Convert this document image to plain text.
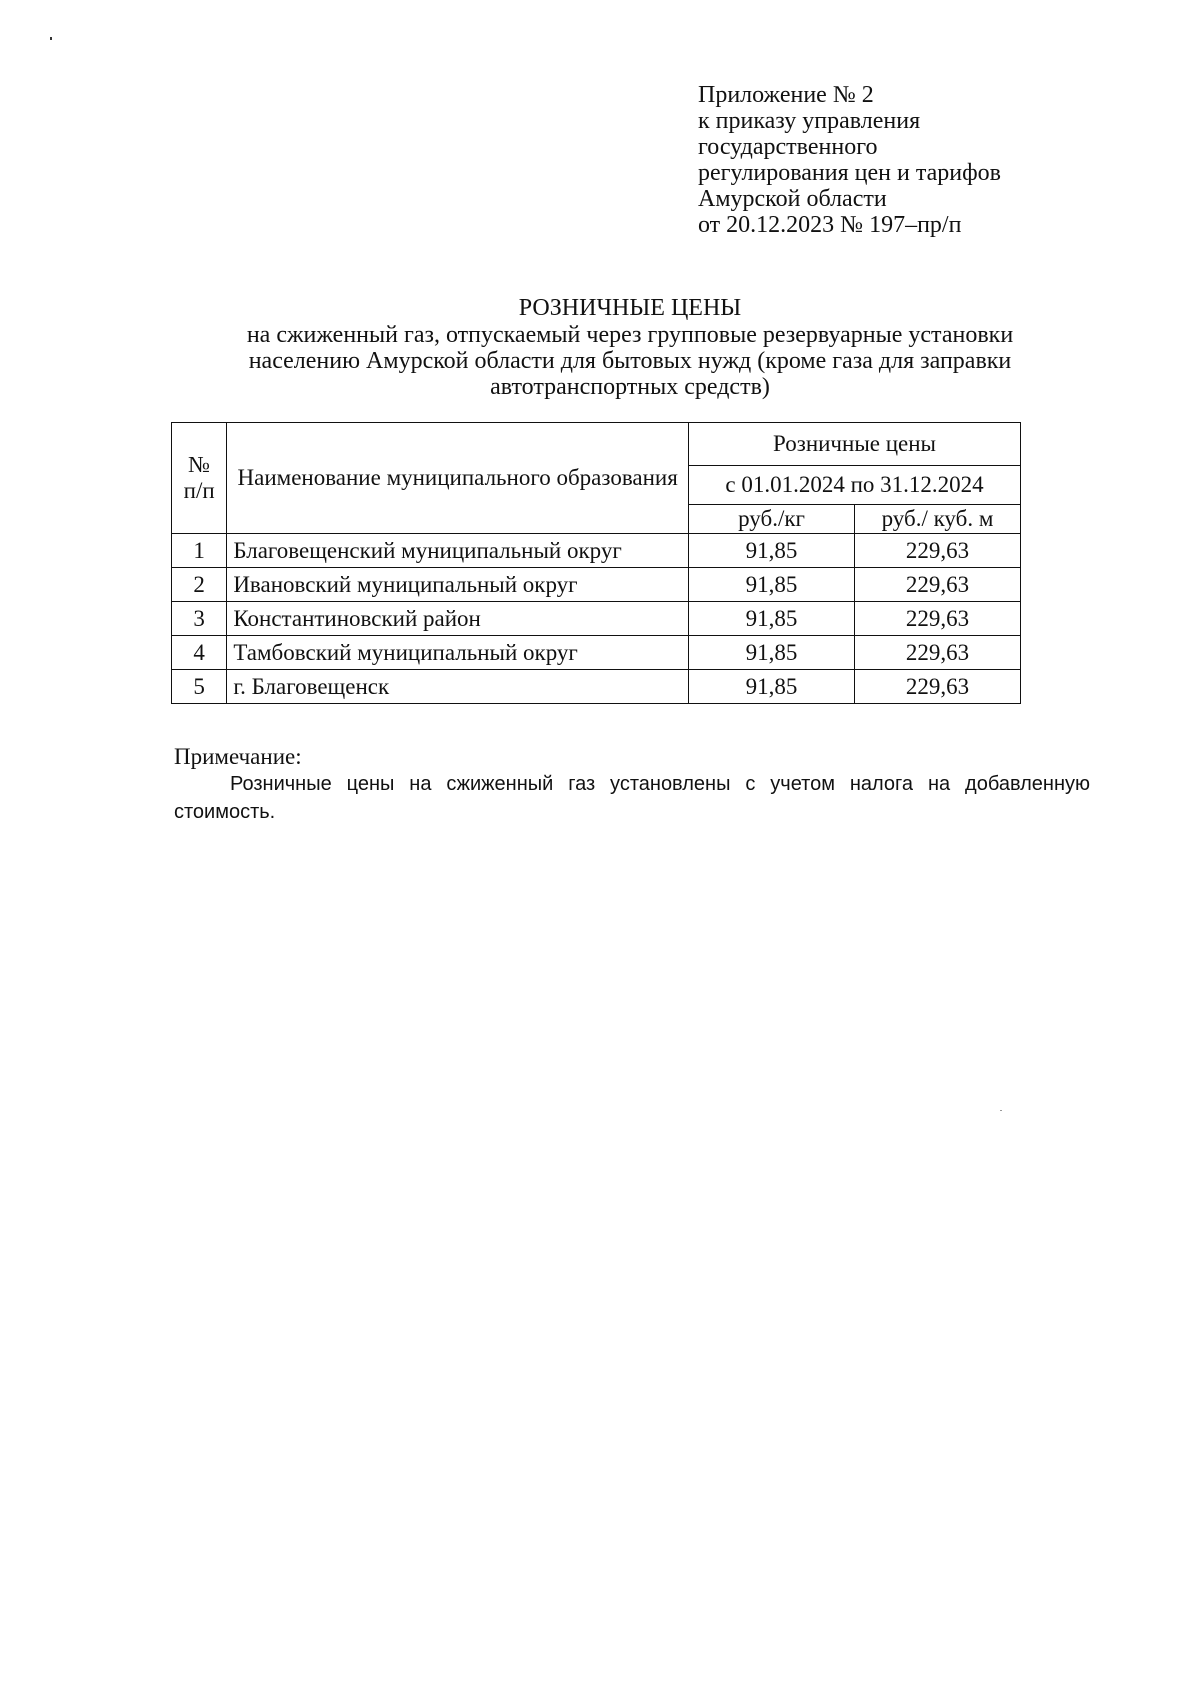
Приложение № 2
к приказу управления
государственного
регулирования цен и тарифов
Амурской области
от 20.12.2023 № 197–пр/п
РОЗНИЧНЫЕ ЦЕНЫ
на сжиженный газ, отпускаемый через групповые резервуарные установки
населению Амурской области для бытовых нужд (кроме газа для заправки
автотранспортных средств)
№ п/п	Наименование муниципального образования	Розничные цены	
		с 01.01.2024 по 31.12.2024	
		руб./кг	руб./ куб. м
1	Благовещенский муниципальный округ	91,85	229,63
2	Ивановский муниципальный округ	91,85	229,63
3	Константиновский район	91,85	229,63
4	Тамбовский муниципальный округ	91,85	229,63
5	г. Благовещенск	91,85	229,63
Примечание:
Розничные цены на сжиженный газ установлены с учетом налога на добавленную стоимость.
